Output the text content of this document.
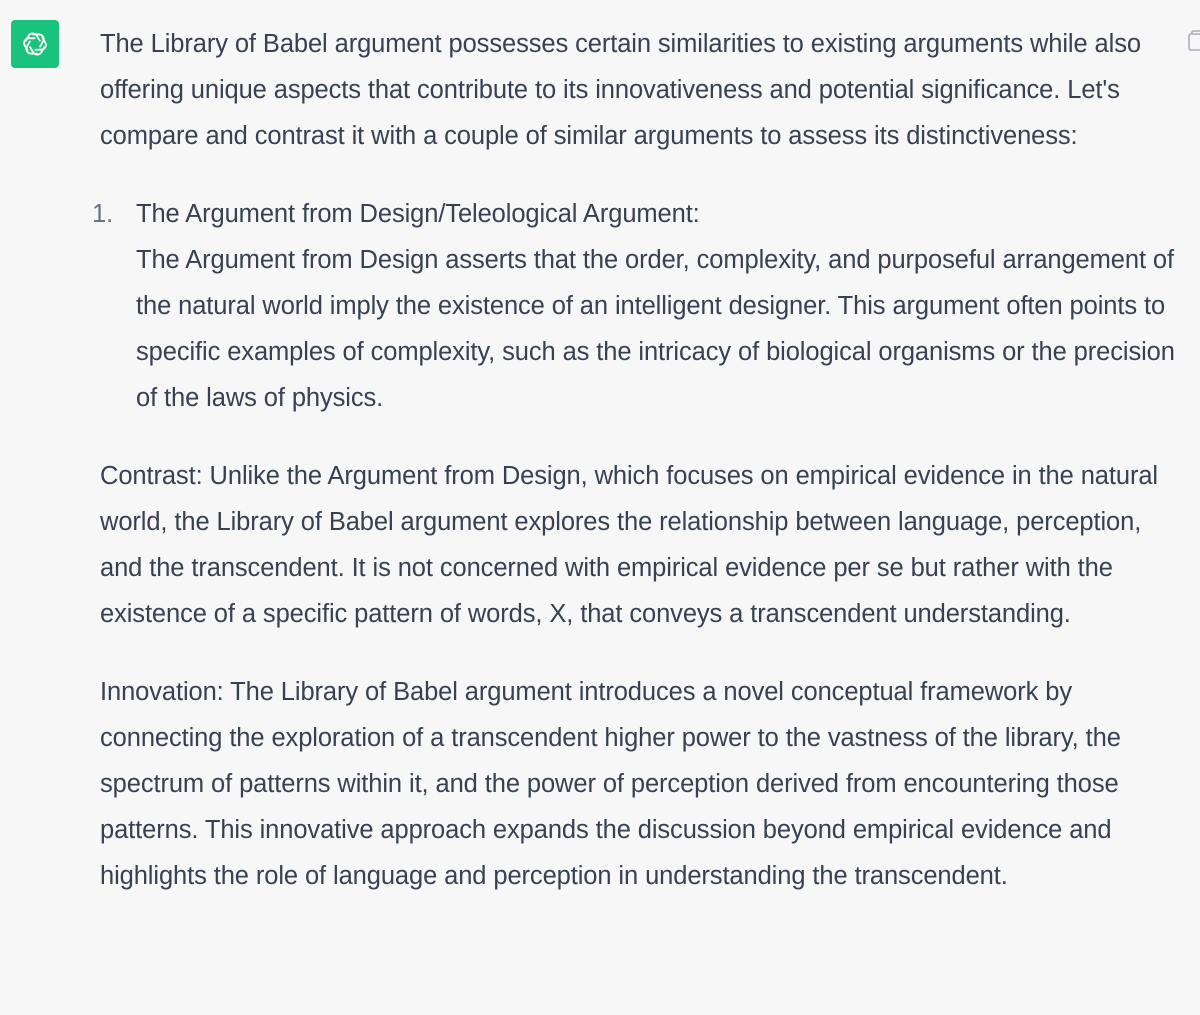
The Library of Babel argument possesses certain similarities to existing arguments while also offering unique aspects that contribute to its innovativeness and potential significance. Let's compare and contrast it with a couple of similar arguments to assess its distinctiveness:

1. The Argument from Design/Teleological Argument:
The Argument from Design asserts that the order, complexity, and purposeful arrangement of the natural world imply the existence of an intelligent designer. This argument often points to specific examples of complexity, such as the intricacy of biological organisms or the precision of the laws of physics.

Contrast: Unlike the Argument from Design, which focuses on empirical evidence in the natural world, the Library of Babel argument explores the relationship between language, perception, and the transcendent. It is not concerned with empirical evidence per se but rather with the existence of a specific pattern of words, X, that conveys a transcendent understanding.

Innovation: The Library of Babel argument introduces a novel conceptual framework by connecting the exploration of a transcendent higher power to the vastness of the library, the spectrum of patterns within it, and the power of perception derived from encountering those patterns. This innovative approach expands the discussion beyond empirical evidence and highlights the role of language and perception in understanding the transcendent.
